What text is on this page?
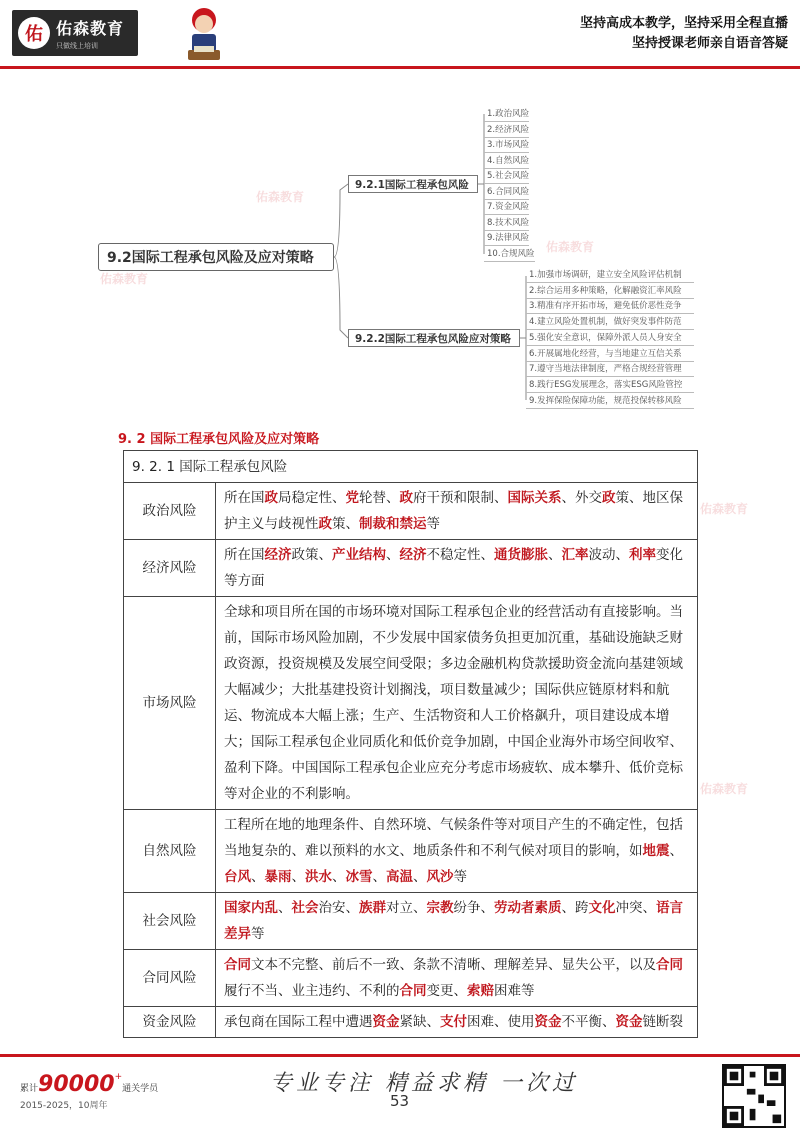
佑 佑森教育
只做线上培训
坚持高成本教学，坚持采用全程直播
坚持授课老师亲自语音答疑
佑森教育
佑森教育
佑森教育
佑森教育
佑森教育
9.2国际工程承包风险及应对策略
9.2.1国际工程承包风险
9.2.2国际工程承包风险应对策略
1.政治风险
2.经济风险
3.市场风险
4.自然风险
5.社会风险
6.合同风险
7.资金风险
8.技术风险
9.法律风险
10.合规风险
1.加强市场调研，建立安全风险评估机制
2.综合运用多种策略，化解融资汇率风险
3.精准有序开拓市场，避免低价恶性竞争
4.建立风险处置机制，做好突发事件防范
5.强化安全意识，保障外派人员人身安全
6.开展属地化经营，与当地建立互信关系
7.遵守当地法律制度，严格合规经营管理
8.践行ESG发展理念，落实ESG风险管控
9.发挥保险保障功能，规范投保转移风险
9. 2 国际工程承包风险及应对策略
9. 2. 1 国际工程承包风险	
政治风险	所在国政局稳定性、党轮替、政府干预和限制、国际关系、外交政策、地区保护主义与歧视性政策、制裁和禁运等
经济风险	所在国经济政策、产业结构、经济不稳定性、通货膨胀、汇率波动、利率变化等方面
市场风险	全球和项目所在国的市场环境对国际工程承包企业的经营活动有直接影响。当前，国际市场风险加剧，不少发展中国家债务负担更加沉重，基础设施缺乏财政资源，投资规模及发展空间受限；多边金融机构贷款援助资金流向基建领域大幅减少；大批基建投资计划搁浅，项目数量减少；国际供应链原材料和航运、物流成本大幅上涨；生产、生活物资和人工价格飙升，项目建设成本增大；国际工程承包企业同质化和低价竞争加剧，中国企业海外市场空间收窄、盈利下降。中国国际工程承包企业应充分考虑市场疲软、成本攀升、低价竞标等对企业的不利影响。
自然风险	工程所在地的地理条件、自然环境、气候条件等对项目产生的不确定性，包括当地复杂的、难以预料的水文、地质条件和不利气候对项目的影响，如地震、台风、暴雨、洪水、冰雪、高温、风沙等
社会风险	国家内乱、社会治安、族群对立、宗教纷争、劳动者素质、跨文化冲突、语言差异等
合同风险	合同文本不完整、前后不一致、条款不清晰、理解差异、显失公平，以及合同履行不当、业主违约、不利的合同变更、索赔困难等
资金风险	承包商在国际工程中遭遇资金紧缺、支付困难、使用资金不平衡、资金链断裂
累计90000+通关学员
2015-2025，10周年
专业专注 精益求精 一次过
53
